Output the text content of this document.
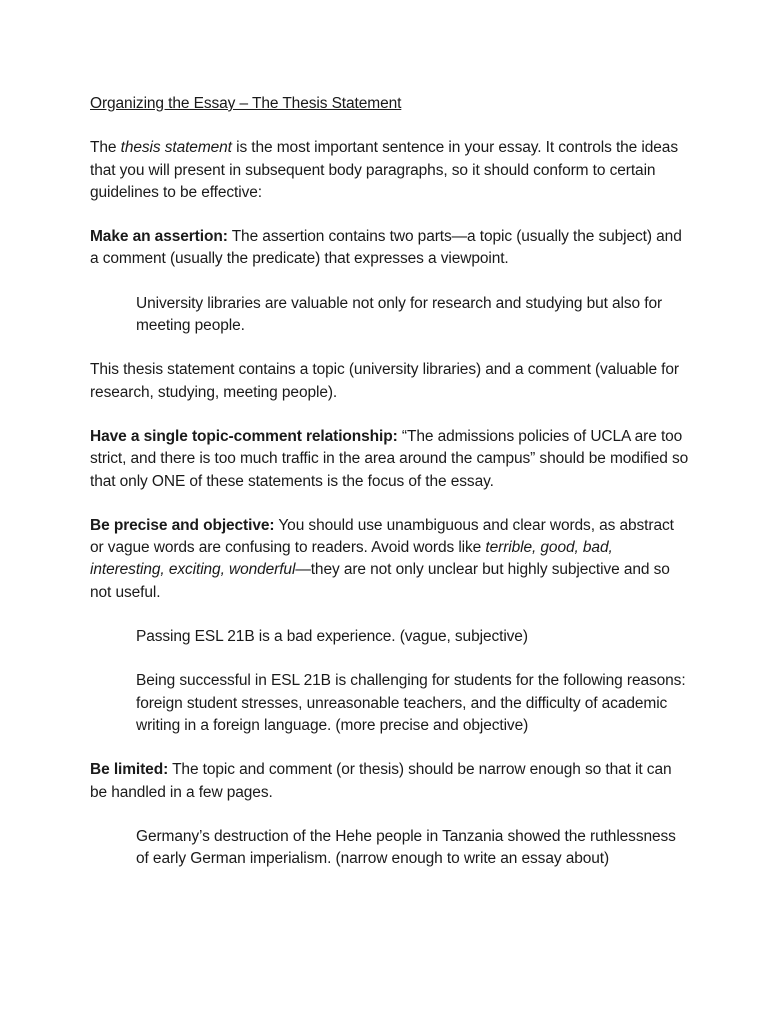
Organizing the Essay – The Thesis Statement
The thesis statement is the most important sentence in your essay. It controls the ideas that you will present in subsequent body paragraphs, so it should conform to certain guidelines to be effective:
Make an assertion: The assertion contains two parts—a topic (usually the subject) and a comment (usually the predicate) that expresses a viewpoint.
University libraries are valuable not only for research and studying but also for meeting people.
This thesis statement contains a topic (university libraries) and a comment (valuable for research, studying, meeting people).
Have a single topic-comment relationship: “The admissions policies of UCLA are too strict, and there is too much traffic in the area around the campus” should be modified so that only ONE of these statements is the focus of the essay.
Be precise and objective: You should use unambiguous and clear words, as abstract or vague words are confusing to readers. Avoid words like terrible, good, bad, interesting, exciting, wonderful—they are not only unclear but highly subjective and so not useful.
Passing ESL 21B is a bad experience. (vague, subjective)
Being successful in ESL 21B is challenging for students for the following reasons: foreign student stresses, unreasonable teachers, and the difficulty of academic writing in a foreign language. (more precise and objective)
Be limited: The topic and comment (or thesis) should be narrow enough so that it can be handled in a few pages.
Germany’s destruction of the Hehe people in Tanzania showed the ruthlessness of early German imperialism. (narrow enough to write an essay about)
